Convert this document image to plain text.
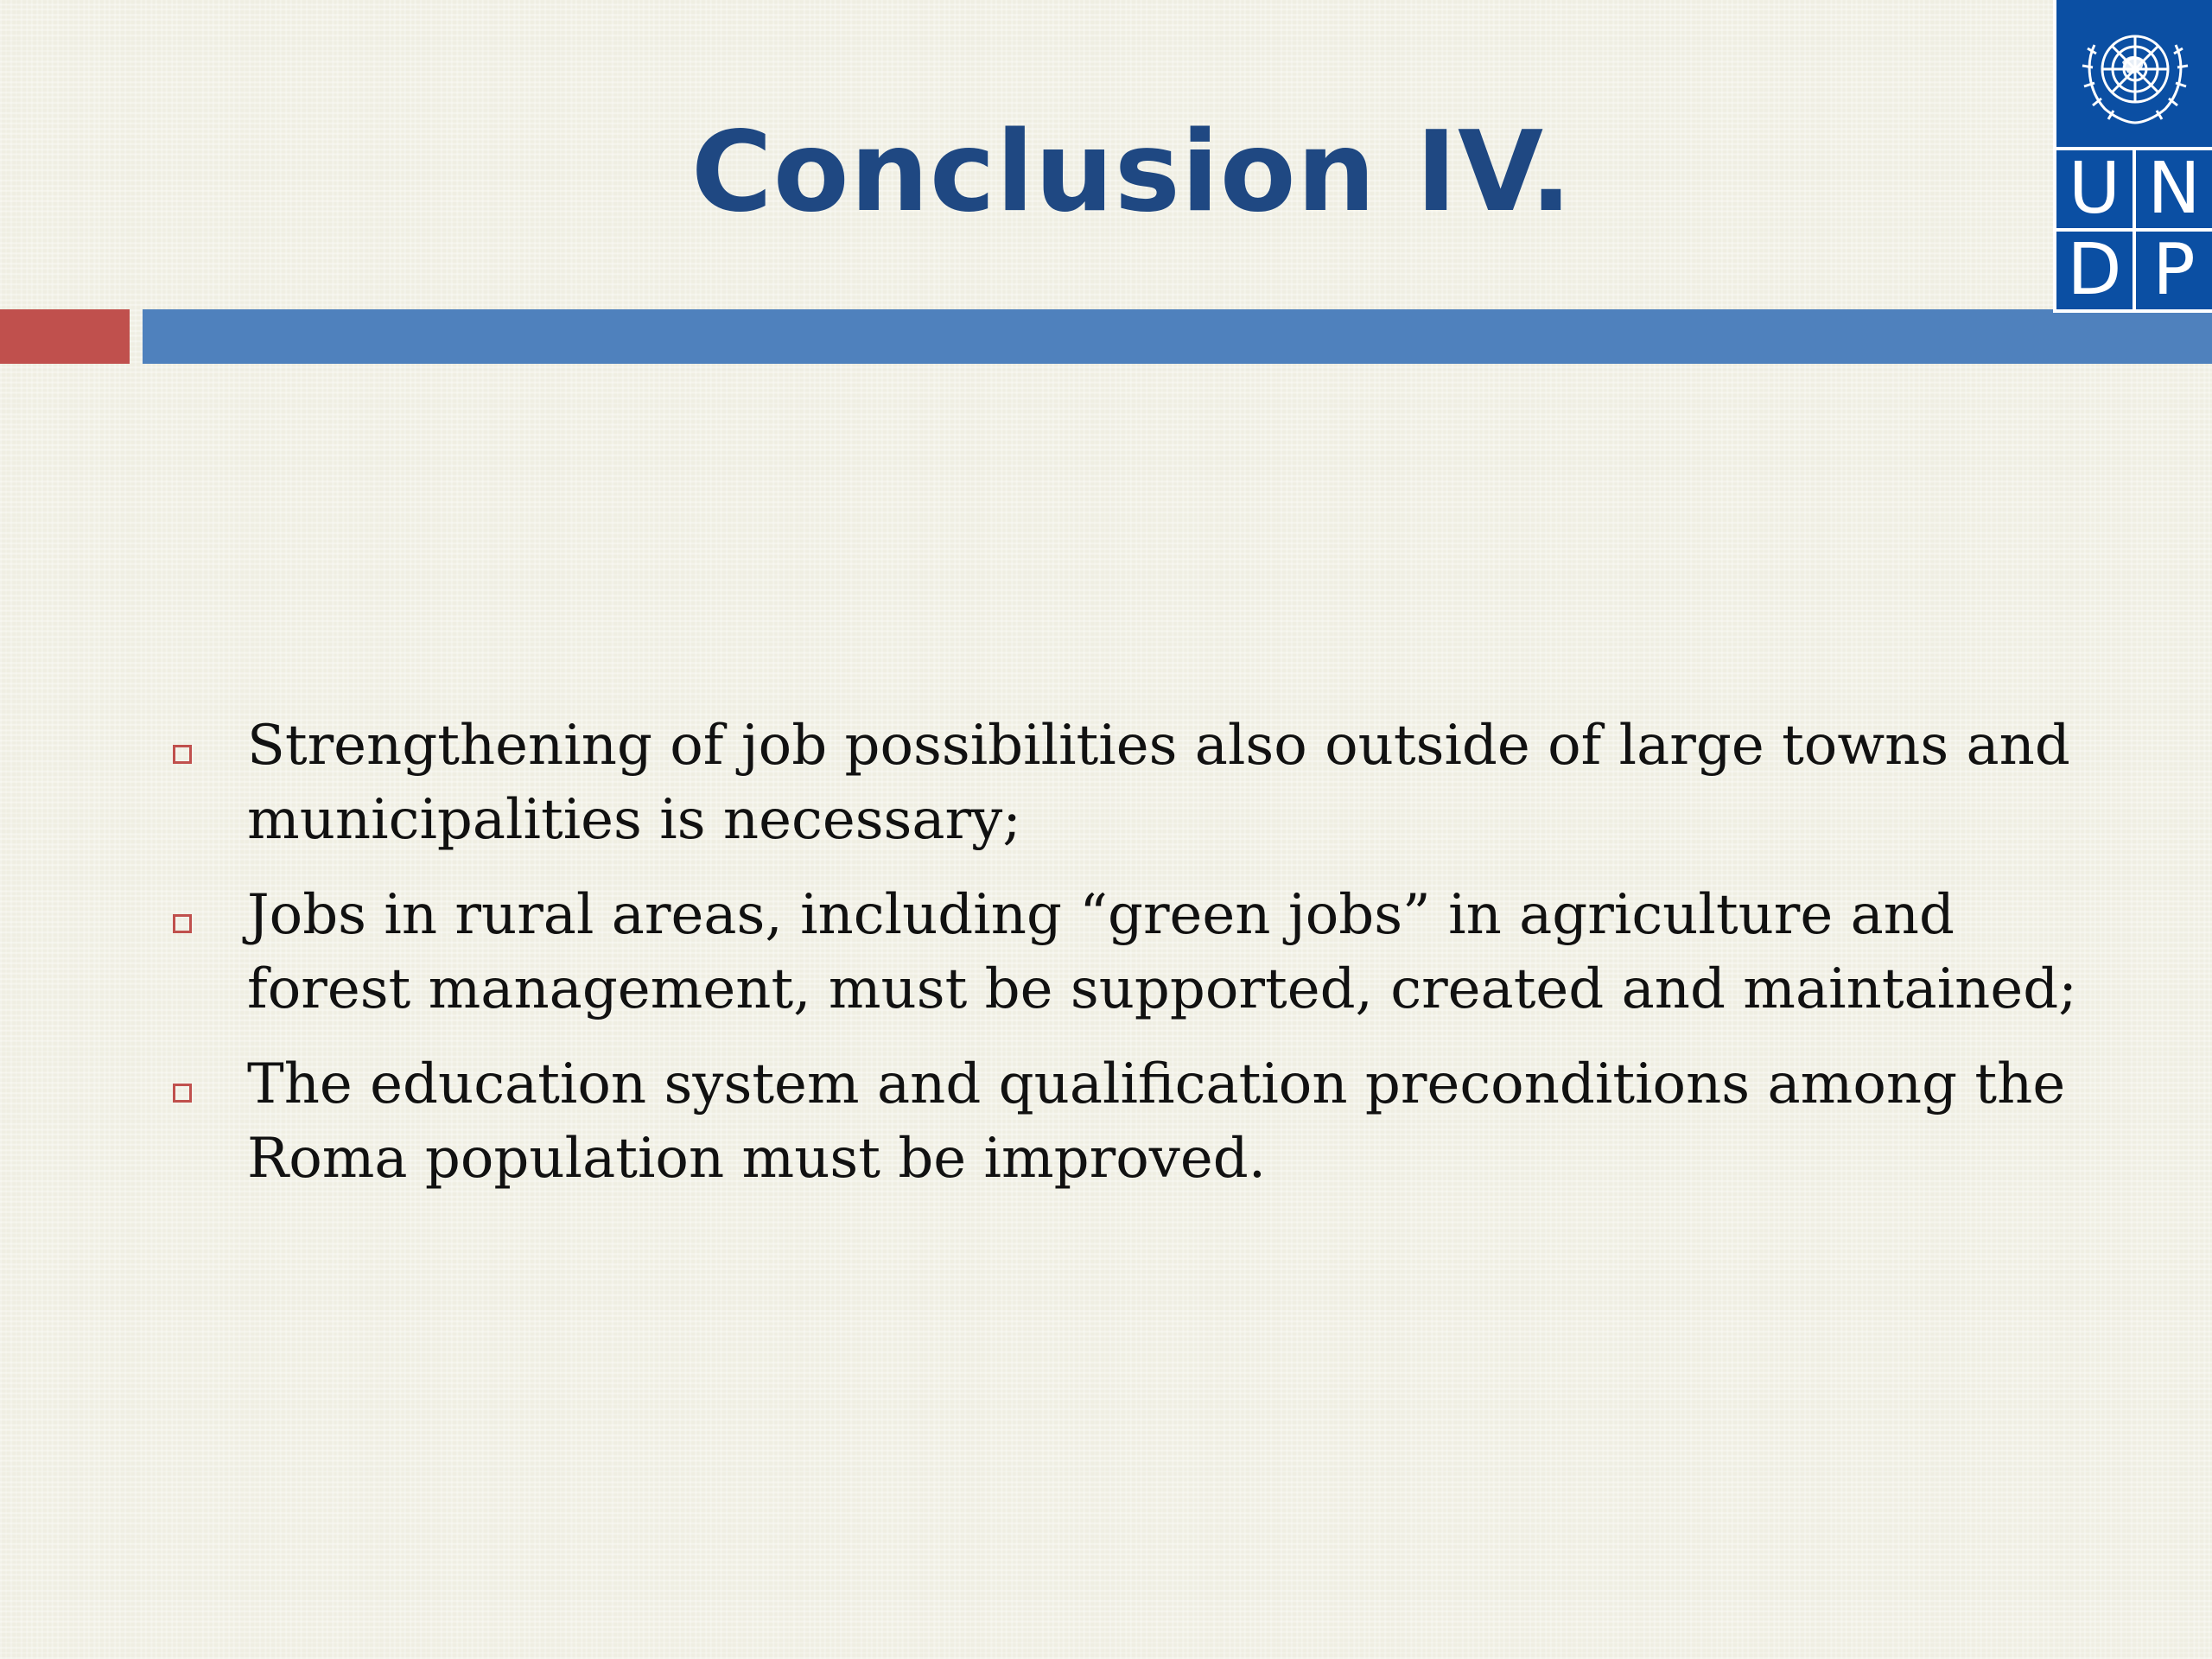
Conclusion IV.	U N
D P
Strengthening of job possibilities also outside of large towns and municipalities is necessary;
Jobs in rural areas, including “green jobs” in agriculture and forest management, must be supported, created and maintained;
The education system and qualification preconditions among the Roma population must be improved.
